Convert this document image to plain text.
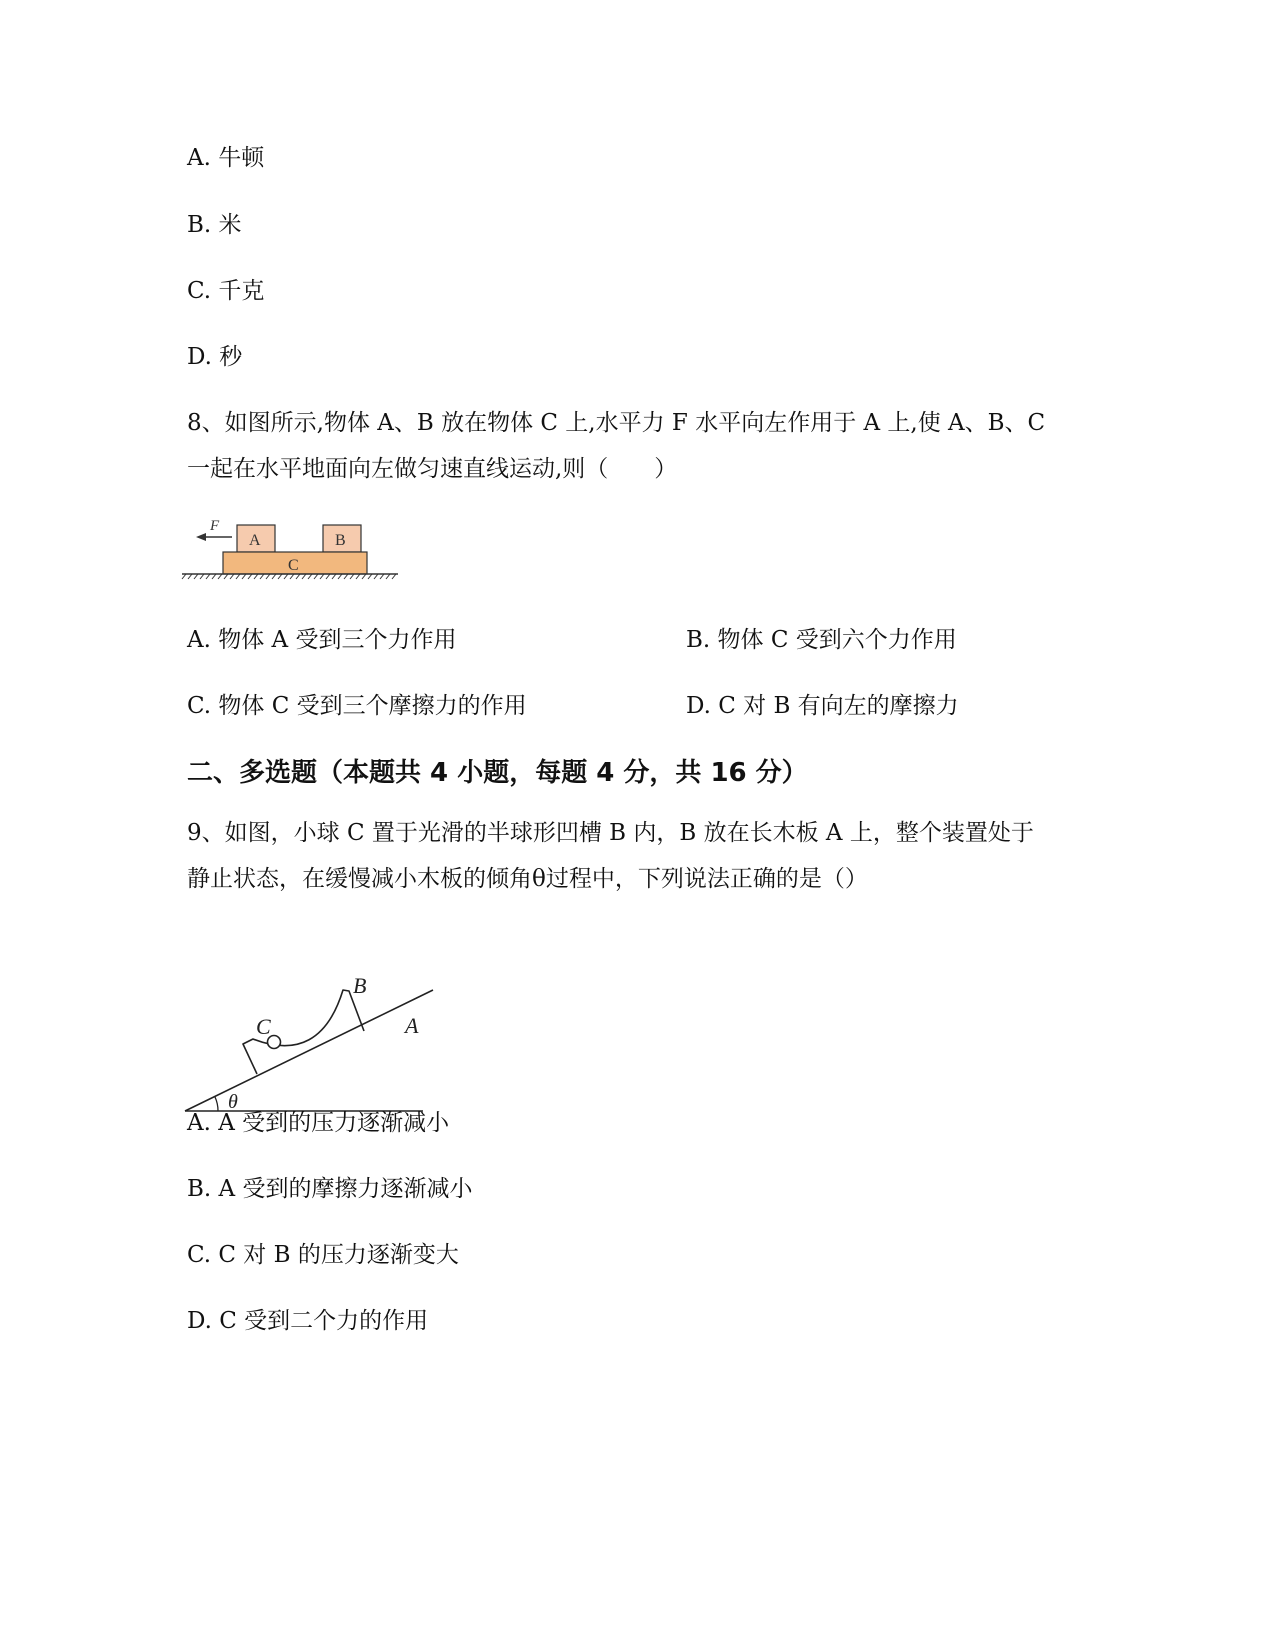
A. 牛顿
B. 米
C. 千克
D. 秒
8、如图所示,物体 A、B 放在物体 C 上,水平力 F 水平向左作用于 A 上,使 A、B、C
一起在水平地面向左做匀速直线运动,则（　　）
F
A	B
C
A. 物体 A 受到三个力作用	B. 物体 C 受到六个力作用
C. 物体 C 受到三个摩擦力的作用	D. C 对 B 有向左的摩擦力
二、多选题（本题共 4 小题，每题 4 分，共 16 分）
9、如图，小球 C 置于光滑的半球形凹槽 B 内，B 放在长木板 A 上，整个装置处于
静止状态，在缓慢减小木板的倾角θ过程中，下列说法正确的是（）
θ
C
B
A
A. A 受到的压力逐渐减小
B. A 受到的摩擦力逐渐减小
C. C 对 B 的压力逐渐变大
D. C 受到二个力的作用
